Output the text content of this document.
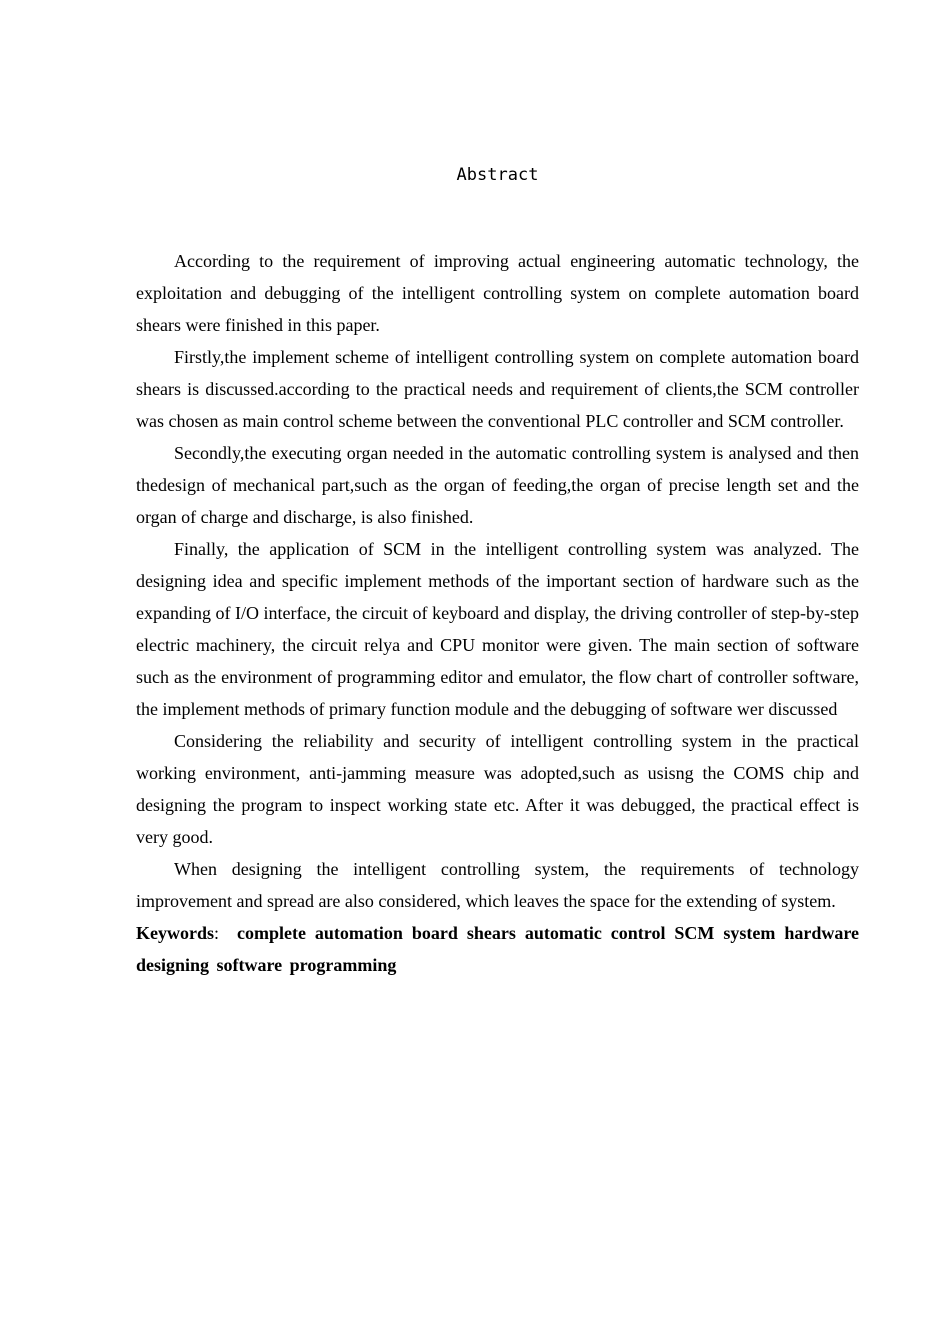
Abstract

According to the requirement of improving actual engineering automatic technology, the exploitation and debugging of the intelligent controlling system on complete automation board shears were finished in this paper.

Firstly,the implement scheme of intelligent controlling system on complete automation board shears is discussed.according to the practical needs and requirement of clients,the SCM controller was chosen as main control scheme between the conventional PLC controller and SCM controller.

Secondly,the executing organ needed in the automatic controlling system is analysed and then thedesign of mechanical part,such as the organ of feeding,the organ of precise length set and the organ of charge and discharge, is also finished.

Finally, the application of SCM in the intelligent controlling system was analyzed. The designing idea and specific implement methods of the important section of hardware such as the expanding of I/O interface, the circuit of keyboard and display, the driving controller of step-by-step electric machinery, the circuit relya and CPU monitor were given. The main section of software such as the environment of programming editor and emulator, the flow chart of controller software, the implement methods of primary function module and the debugging of software wer discussed

Considering the reliability and security of intelligent controlling system in the practical working environment, anti-jamming measure was adopted,such as usisng the COMS chip and designing the program to inspect working state etc. After it was debugged, the practical effect is very good.

When designing the intelligent controlling system, the requirements of technology improvement and spread are also considered, which leaves the space for the extending of system.

Keywords: complete automation board shears automatic control SCM system hardware designing software programming
